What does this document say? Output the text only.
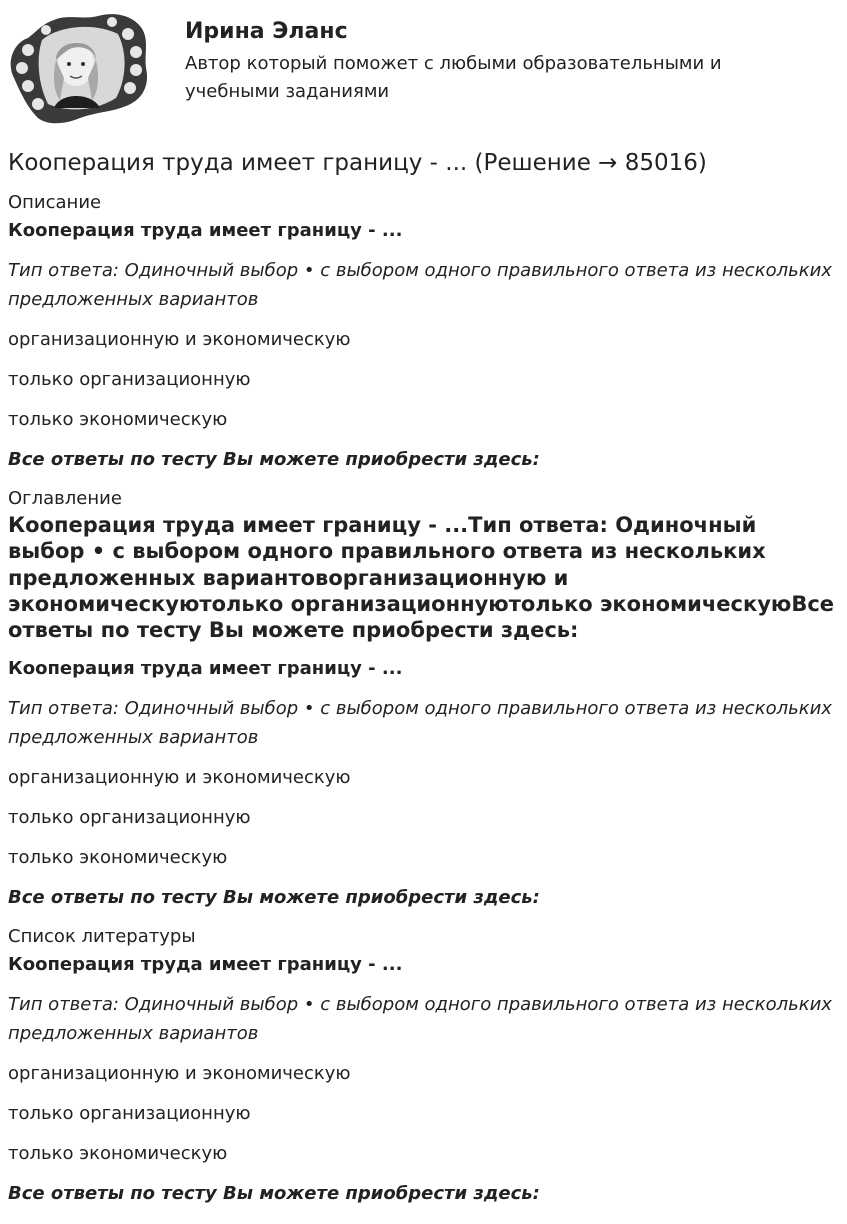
Ирина Эланс

Автор который поможет с любыми образовательными и учебными заданиями

Кооперация труда имеет границу - ... (Решение → 85016)
Описание

Кооперация труда имеет границу - ...

Тип ответа: Одиночный выбор • с выбором одного правильного ответа из нескольких предложенных вариантов

организационную и экономическую

только организационную

только экономическую

Все ответы по тесту Вы можете приобрести здесь:

Оглавление

Кооперация труда имеет границу - ...Тип ответа: Одиночный выбор • с выбором одного правильного ответа из нескольких предложенных вариантоворганизационную и экономическуютолько организационнуютолько экономическуюВсе ответы по тесту Вы можете приобрести здесь:

Кооперация труда имеет границу - ...

Тип ответа: Одиночный выбор • с выбором одного правильного ответа из нескольких предложенных вариантов

организационную и экономическую

только организационную

только экономическую

Все ответы по тесту Вы можете приобрести здесь:

Список литературы

Кооперация труда имеет границу - ...

Тип ответа: Одиночный выбор • с выбором одного правильного ответа из нескольких предложенных вариантов

организационную и экономическую

только организационную

только экономическую

Все ответы по тесту Вы можете приобрести здесь:
